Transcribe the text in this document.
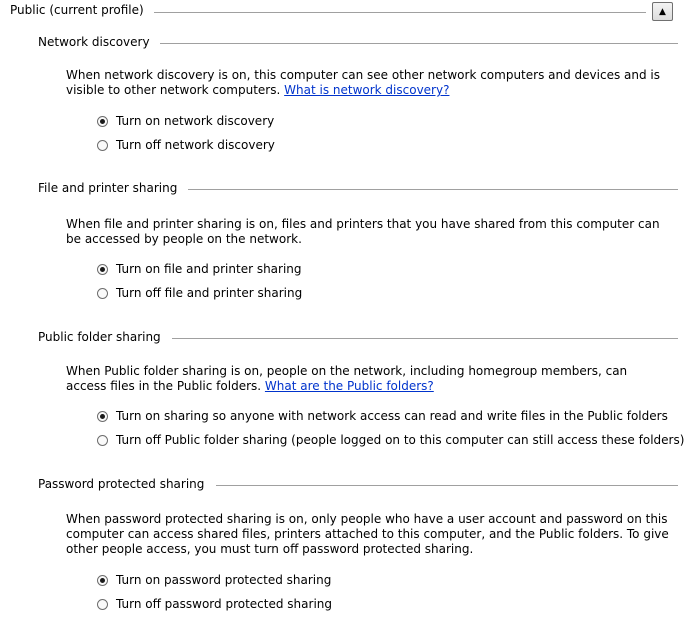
Public (current profile)	▲
Network discovery
When network discovery is on, this computer can see other network computers and devices and is visible to other network computers. What is network discovery?
Turn on network discovery
Turn off network discovery
File and printer sharing
When file and printer sharing is on, files and printers that you have shared from this computer can be accessed by people on the network.
Turn on file and printer sharing
Turn off file and printer sharing
Public folder sharing
When Public folder sharing is on, people on the network, including homegroup members, can access files in the Public folders. What are the Public folders?
Turn on sharing so anyone with network access can read and write files in the Public folders
Turn off Public folder sharing (people logged on to this computer can still access these folders)
Password protected sharing
When password protected sharing is on, only people who have a user account and password on this computer can access shared files, printers attached to this computer, and the Public folders. To give other people access, you must turn off password protected sharing.
Turn on password protected sharing
Turn off password protected sharing
